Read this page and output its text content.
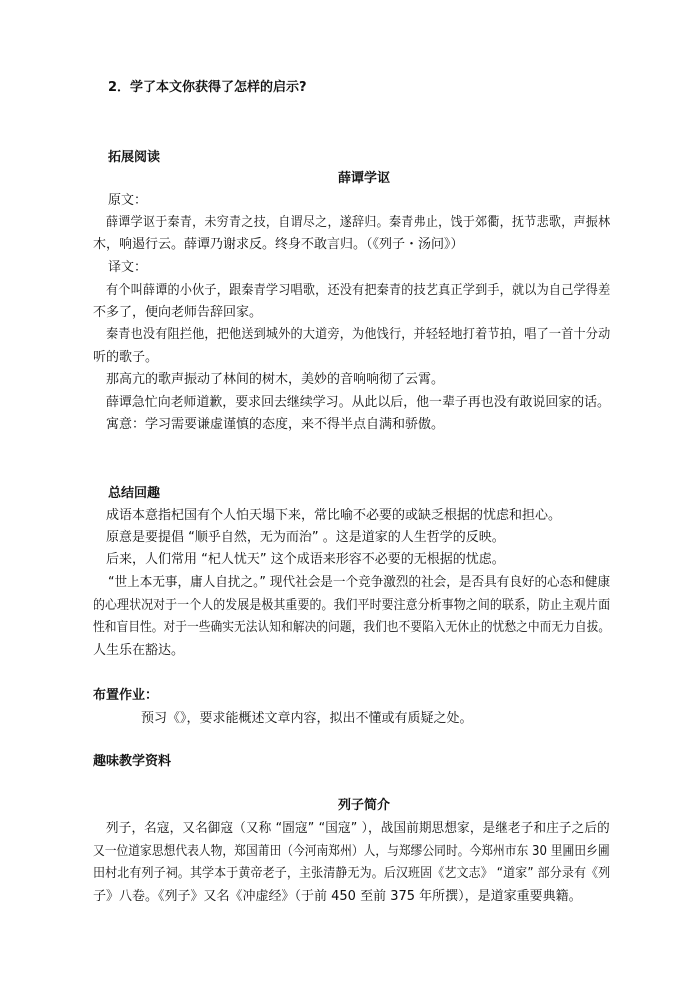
2．学了本文你获得了怎样的启示?
拓展阅读
薛谭学讴
原文：
薛谭学讴于秦青，未穷青之技，自谓尽之，遂辞归。秦青弗止，饯于郊衢，抚节悲歌，声振林
木，响遏行云。薛谭乃谢求反。终身不敢言归。（《列子・汤问》）
译文：
有个叫薛谭的小伙子，跟秦青学习唱歌，还没有把秦青的技艺真正学到手，就以为自己学得差
不多了，便向老师告辞回家。
秦青也没有阻拦他，把他送到城外的大道旁，为他饯行，并轻轻地打着节拍，唱了一首十分动
听的歌子。
那高亢的歌声振动了林间的树木，美妙的音响响彻了云霄。
薛谭急忙向老师道歉，要求回去继续学习。从此以后，他一辈子再也没有敢说回家的话。
寓意：学习需要谦虚谨慎的态度，来不得半点自满和骄傲。
总结回趣
成语本意指杞国有个人怕天塌下来，常比喻不必要的或缺乏根据的忧虑和担心。
原意是要提倡 “顺乎自然，无为而治” 。这是道家的人生哲学的反映。
后来，人们常用 “杞人忧天” 这个成语来形容不必要的无根据的忧虑。
“世上本无事，庸人自扰之。” 现代社会是一个竞争激烈的社会，是否具有良好的心态和健康
的心理状况对于一个人的发展是极其重要的。我们平时要注意分析事物之间的联系，防止主观片面
性和盲目性。对于一些确实无法认知和解决的问题，我们也不要陷入无休止的忧愁之中而无力自拔。
人生乐在豁达。
布置作业：
预习《》，要求能概述文章内容，拟出不懂或有质疑之处。
趣味教学资料
列子简介
列子，名寇，又名御寇（又称 “圄寇” “国寇” ），战国前期思想家，是继老子和庄子之后的
又一位道家思想代表人物，郑国莆田（今河南郑州）人，与郑缪公同时。今郑州市东 30 里圃田乡圃
田村北有列子祠。其学本于黄帝老子，主张清静无为。后汉班固《艺文志》 “道家” 部分录有《列
子》八卷。《列子》又名《冲虚经》（于前 450 至前 375 年所撰），是道家重要典籍。
